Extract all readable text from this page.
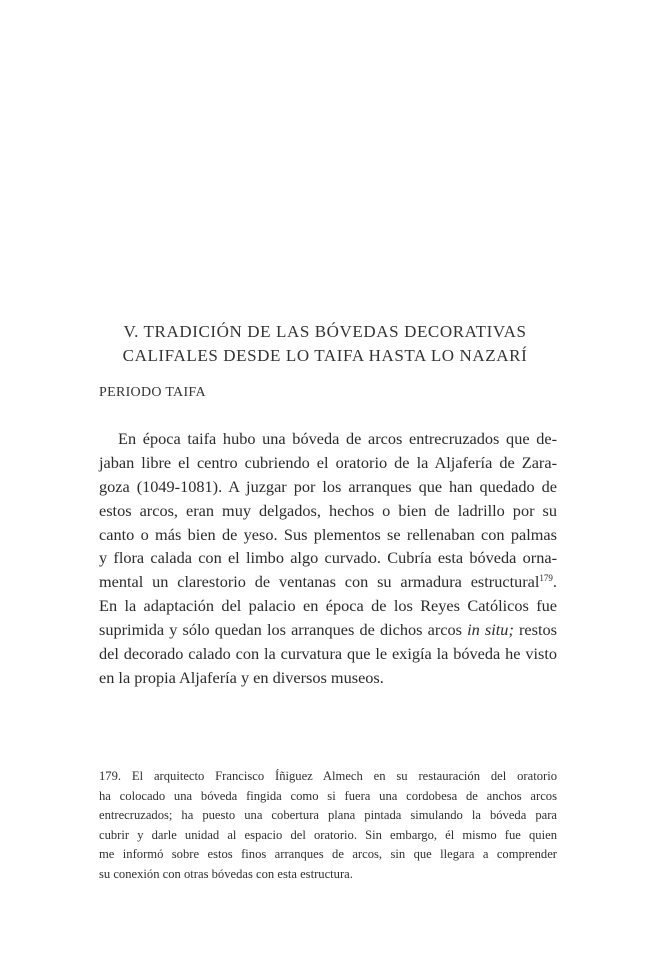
V. TRADICIÓN DE LAS BÓVEDAS DECORATIVAS
CALIFALES DESDE LO TAIFA HASTA LO NAZARÍ
PERIODO TAIFA
En época taifa hubo una bóveda de arcos entrecruzados que de-
jaban libre el centro cubriendo el oratorio de la Aljafería de Zara-
goza (1049-1081). A juzgar por los arranques que han quedado de
estos arcos, eran muy delgados, hechos o bien de ladrillo por su
canto o más bien de yeso. Sus plementos se rellenaban con palmas
y flora calada con el limbo algo curvado. Cubría esta bóveda orna-
mental un clarestorio de ventanas con su armadura estructural$^{179}$.
En la adaptación del palacio en época de los Reyes Católicos fue
suprimida y sólo quedan los arranques de dichos arcos in situ; restos
del decorado calado con la curvatura que le exigía la bóveda he visto
en la propia Aljafería y en diversos museos.
179. El arquitecto Francisco Íñiguez Almech en su restauración del oratorio
ha colocado una bóveda fingida como si fuera una cordobesa de anchos arcos
entrecruzados; ha puesto una cobertura plana pintada simulando la bóveda para
cubrir y darle unidad al espacio del oratorio. Sin embargo, él mismo fue quien
me informó sobre estos finos arranques de arcos, sin que llegara a comprender
su conexión con otras bóvedas con esta estructura.
